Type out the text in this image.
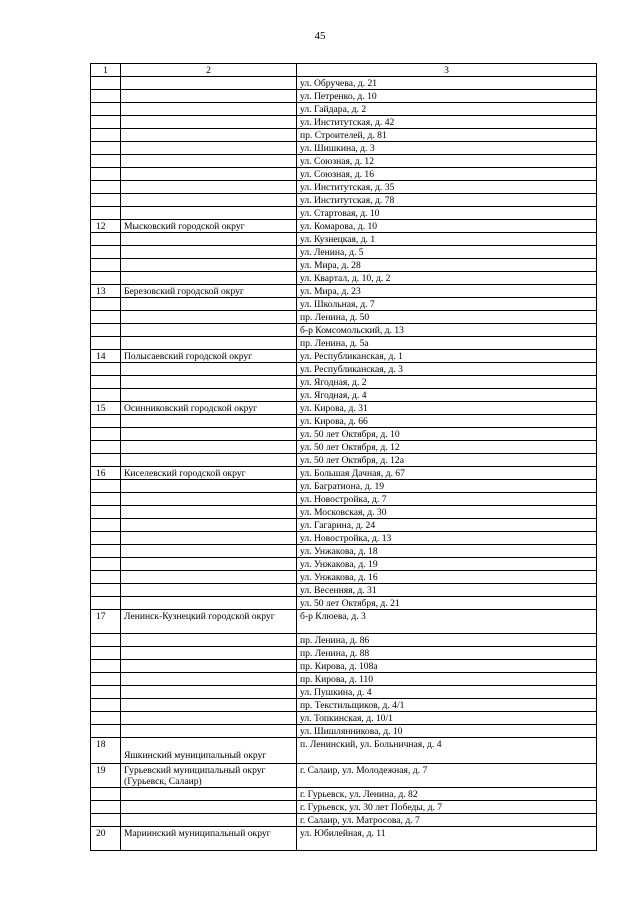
45
1	2	3
		ул. Обручева, д. 21
		ул. Петренко, д. 10
		ул. Гайдара, д. 2
		ул. Институтская, д. 42
		пр. Строителей, д. 81
		ул. Шишкина, д. 3
		ул. Союзная, д. 12
		ул. Союзная, д. 16
		ул. Институтская, д. 35
		ул. Институтская, д. 78
		ул. Стартовая, д. 10
12	Мысковский городской округ	ул. Комарова, д. 10
		ул. Кузнецкая, д. 1
		ул. Ленина, д. 5
		ул. Мира, д. 28
		ул. Квартал, д. 10, д. 2
13	Березовский городской округ	ул. Мира, д. 23
		ул. Школьная, д. 7
		пр. Ленина, д. 50
		б-р Комсомольский, д. 13
		пр. Ленина, д. 5а
14	Полысаевский городской округ	ул. Республиканская, д. 1
		ул. Республиканская, д. 3
		ул. Ягодная, д. 2
		ул. Ягодная, д. 4
15	Осинниковский городской округ	ул. Кирова, д. 31
		ул. Кирова, д. 66
		ул. 50 лет Октября, д. 10
		ул. 50 лет Октября, д. 12
		ул. 50 лет Октября, д. 12а
16	Киселевский городской округ	ул. Большая Дачная, д. 67
		ул. Багратиона, д. 19
		ул. Новостройка, д. 7
		ул. Московская, д. 30
		ул. Гагарина, д. 24
		ул. Новостройка, д. 13
		ул. Унжакова, д. 18
		ул. Унжакова, д. 19
		ул. Унжакова, д. 16
		ул. Весенняя, д. 31
		ул. 50 лет Октября, д. 21
17	Ленинск-Кузнецкий городской округ	б-р Клюева, д. 3
		пр. Ленина, д. 86
		пр. Ленина, д. 88
		пр. Кирова, д. 108а
		пр. Кирова, д. 110
		ул. Пушкина, д. 4
		пр. Текстильщиков, д. 4/1
		ул. Топкинская, д. 10/1
		ул. Шишлянникова, д. 10
18	Яшкинский муниципальный округ	п. Ленинский, ул. Больничная, д. 4
19	Гурьевский муниципальный округ (Гурьевск, Салаир)	г. Салаир, ул. Молодежная, д. 7
		г. Гурьевск, ул. Ленина, д. 82
		г. Гурьевск, ул. 30 лет Победы, д. 7
		г. Салаир, ул. Матросова, д. 7
20	Мариинский муниципальный округ	ул. Юбилейная, д. 11
